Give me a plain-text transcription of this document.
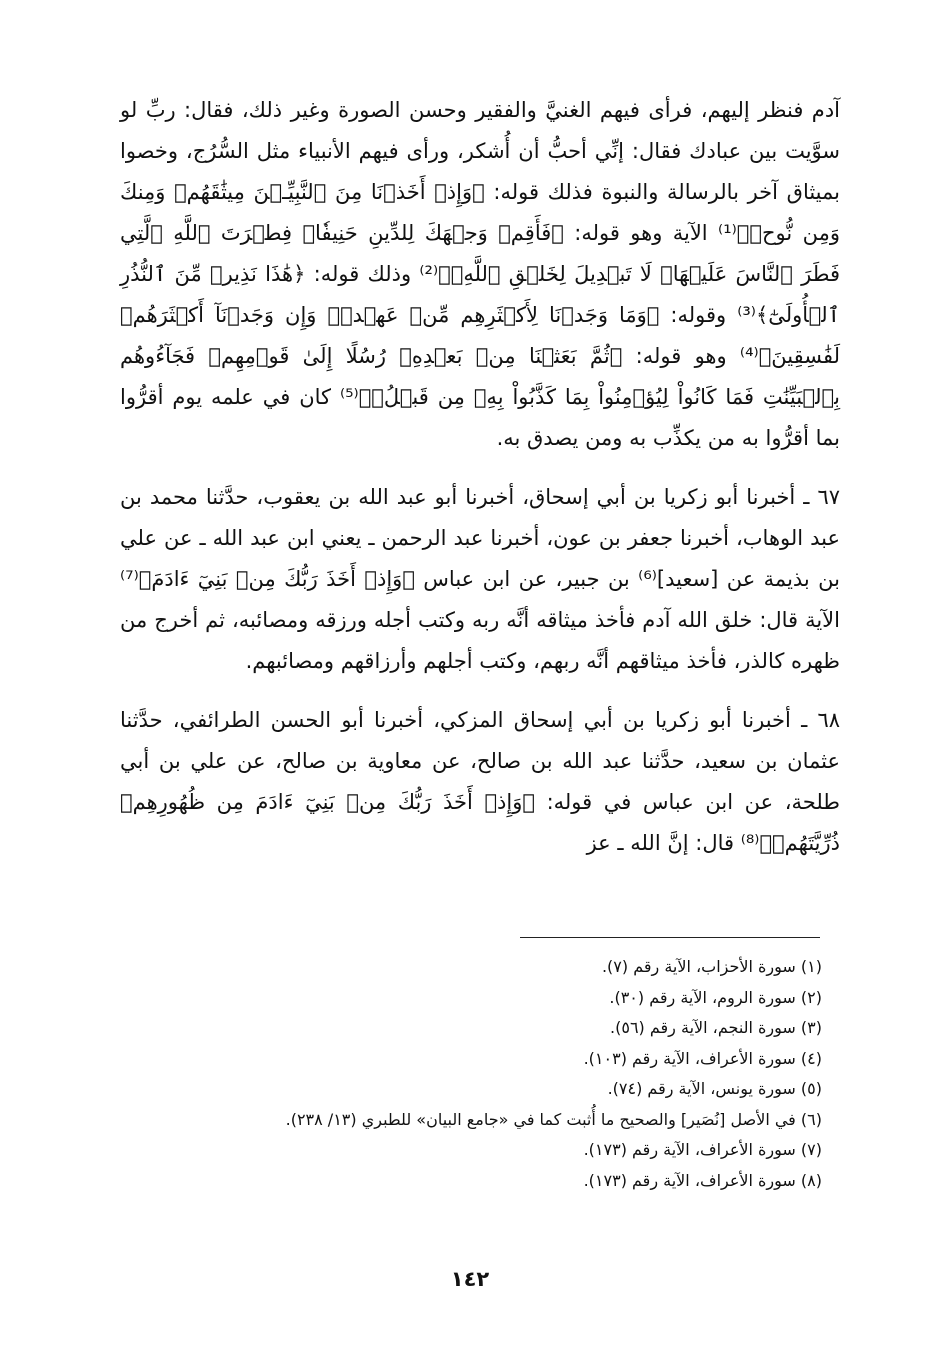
آدم فنظر إليهم، فرأى فيهم الغنيَّ والفقير وحسن الصورة وغير ذلك، فقال: ربِّ لو سوَّيت بين عبادك فقال: إنِّي أحبُّ أن أُشكر، ورأى فيهم الأنبياء مثل السُّرُج، وخصوا بميثاق آخر بالرسالة والنبوة فذلك قوله: ﴿وَإِذۡ أَخَذۡنَا مِنَ ٱلنَّبِيِّـۧنَ مِيثَٰقَهُمۡ وَمِنكَ وَمِن نُّوحٖ﴾⁽¹⁾ الآية وهو قوله: ﴿فَأَقِمۡ وَجۡهَكَ لِلدِّينِ حَنِيفٗاۚ فِطۡرَتَ ٱللَّهِ ٱلَّتِي فَطَرَ ٱلنَّاسَ عَلَيۡهَاۚ لَا تَبۡدِيلَ لِخَلۡقِ ٱللَّهِۚ﴾⁽²⁾ وذلك قوله: ﴿هَٰذَا نَذِيرٞ مِّنَ ٱلنُّذُرِ ٱلۡأُولَىٰٓ﴾⁽³⁾ وقوله: ﴿وَمَا وَجَدۡنَا لِأَكۡثَرِهِم مِّنۡ عَهۡدٖۖ وَإِن وَجَدۡنَآ أَكۡثَرَهُمۡ لَفَٰسِقِينَ﴾⁽⁴⁾ وهو قوله: ﴿ثُمَّ بَعَثۡنَا مِنۢ بَعۡدِهِۦ رُسُلًا إِلَىٰ قَوۡمِهِمۡ فَجَآءُوهُم بِٱلۡبَيِّنَٰتِ فَمَا كَانُواْ لِيُؤۡمِنُواْ بِمَا كَذَّبُواْ بِهِۦ مِن قَبۡلُۚ﴾⁽⁵⁾ كان في علمه يوم أقرُّوا بما أقرُّوا به من يكذِّب به ومن يصدق به.

٦٧ ـ أخبرنا أبو زكريا بن أبي إسحاق، أخبرنا أبو عبد الله بن يعقوب، حدَّثنا محمد بن عبد الوهاب، أخبرنا جعفر بن عون، أخبرنا عبد الرحمن ـ يعني ابن عبد الله ـ عن علي بن بذيمة عن [سعيد]⁽⁶⁾ بن جبير، عن ابن عباس ﴿وَإِذۡ أَخَذَ رَبُّكَ مِنۢ بَنِيٓ ءَادَمَ﴾⁽⁷⁾ الآية قال: خلق الله آدم فأخذ ميثاقه أنَّه ربه وكتب أجله ورزقه ومصائبه، ثم أخرج من ظهره كالذر، فأخذ ميثاقهم أنَّه ربهم، وكتب أجلهم وأرزاقهم ومصائبهم.

٦٨ ـ أخبرنا أبو زكريا بن أبي إسحاق المزكي، أخبرنا أبو الحسن الطرائفي، حدَّثنا عثمان بن سعيد، حدَّثنا عبد الله بن صالح، عن معاوية بن صالح، عن علي بن أبي طلحة، عن ابن عباس في قوله: ﴿وَإِذۡ أَخَذَ رَبُّكَ مِنۢ بَنِيٓ ءَادَمَ مِن ظُهُورِهِمۡ ذُرِّيَّتَهُمۡ﴾⁽⁸⁾ قال: إنَّ الله ـ عز

(١) سورة الأحزاب، الآية رقم (٧).

(٢) سورة الروم، الآية رقم (٣٠).

(٣) سورة النجم، الآية رقم (٥٦).

(٤) سورة الأعراف، الآية رقم (١٠٣).

(٥) سورة يونس، الآية رقم (٧٤).

(٦) في الأصل [نُصَير] والصحيح ما أُثبت كما في «جامع البيان» للطبري (١٣/ ٢٣٨).

(٧) سورة الأعراف، الآية رقم (١٧٣).

(٨) سورة الأعراف، الآية رقم (١٧٣).

١٤٢
